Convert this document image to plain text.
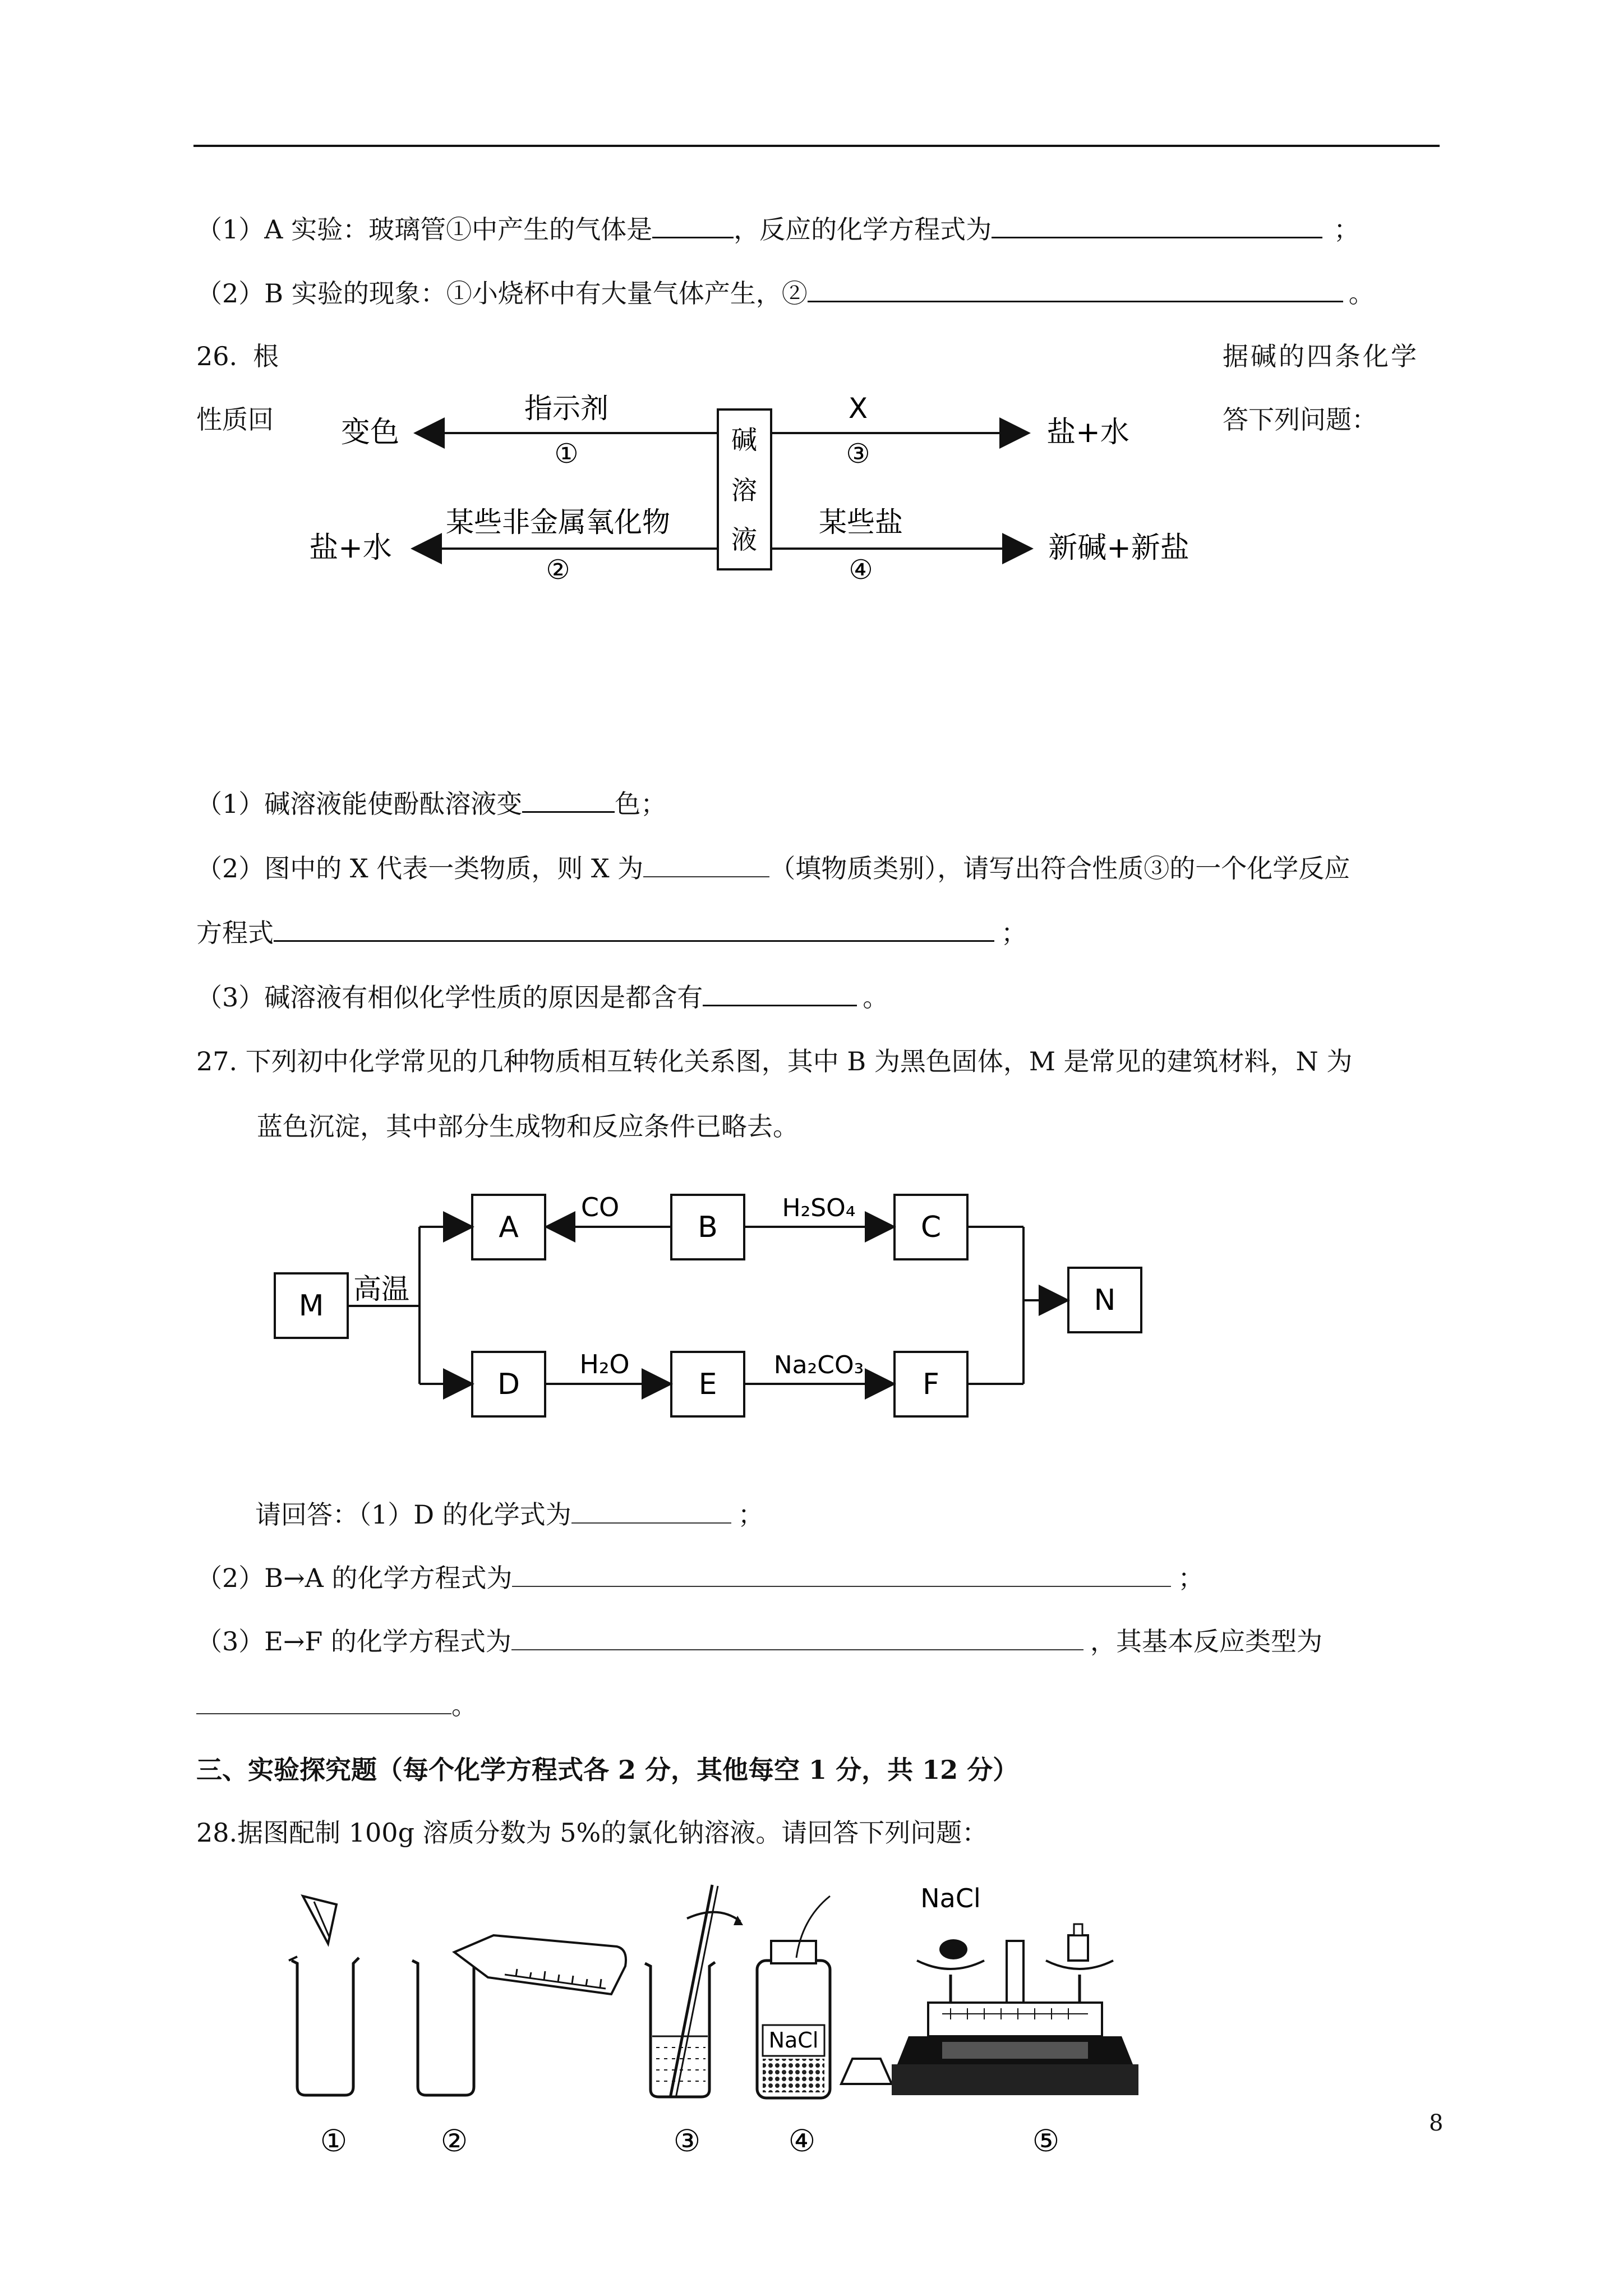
（1）A 实验：玻璃管①中产生的气体是	，反应的化学方程式为	；
（2）B 实验的现象：①小烧杯中有大量气体产生，②	。
26. 根
性质回
据碱的四条化学
答下列问题：
碱
溶
液
指示剂
①
变色
X
③
盐+水
某些非金属氧化物
②
盐+水
某些盐
④
新碱+新盐
（1）碱溶液能使酚酞溶液变	色；
（2）图中的 X 代表一类物质，则 X 为	（填物质类别），请写出符合性质③的一个化学反应
方程式	；
（3）碱溶液有相似化学性质的原因是都含有	。
27. 下列初中化学常见的几种物质相互转化关系图，其中 B 为黑色固体，M 是常见的建筑材料，N 为
蓝色沉淀，其中部分生成物和反应条件已略去。
M
A	B	C
D	E	F
N
高温
CO	H₂SO₄
H₂O	Na₂CO₃
请回答：（1）D 的化学式为	；
（2）B→A 的化学方程式为	；
（3）E→F 的化学方程式为	，其基本反应类型为
。
三、实验探究题（每个化学方程式各 2 分，其他每空 1 分，共 12 分）
28.据图配制 100g 溶质分数为 5%的氯化钠溶液。请回答下列问题：
NaCl
NaCl
①	②	③	④	⑤	8
